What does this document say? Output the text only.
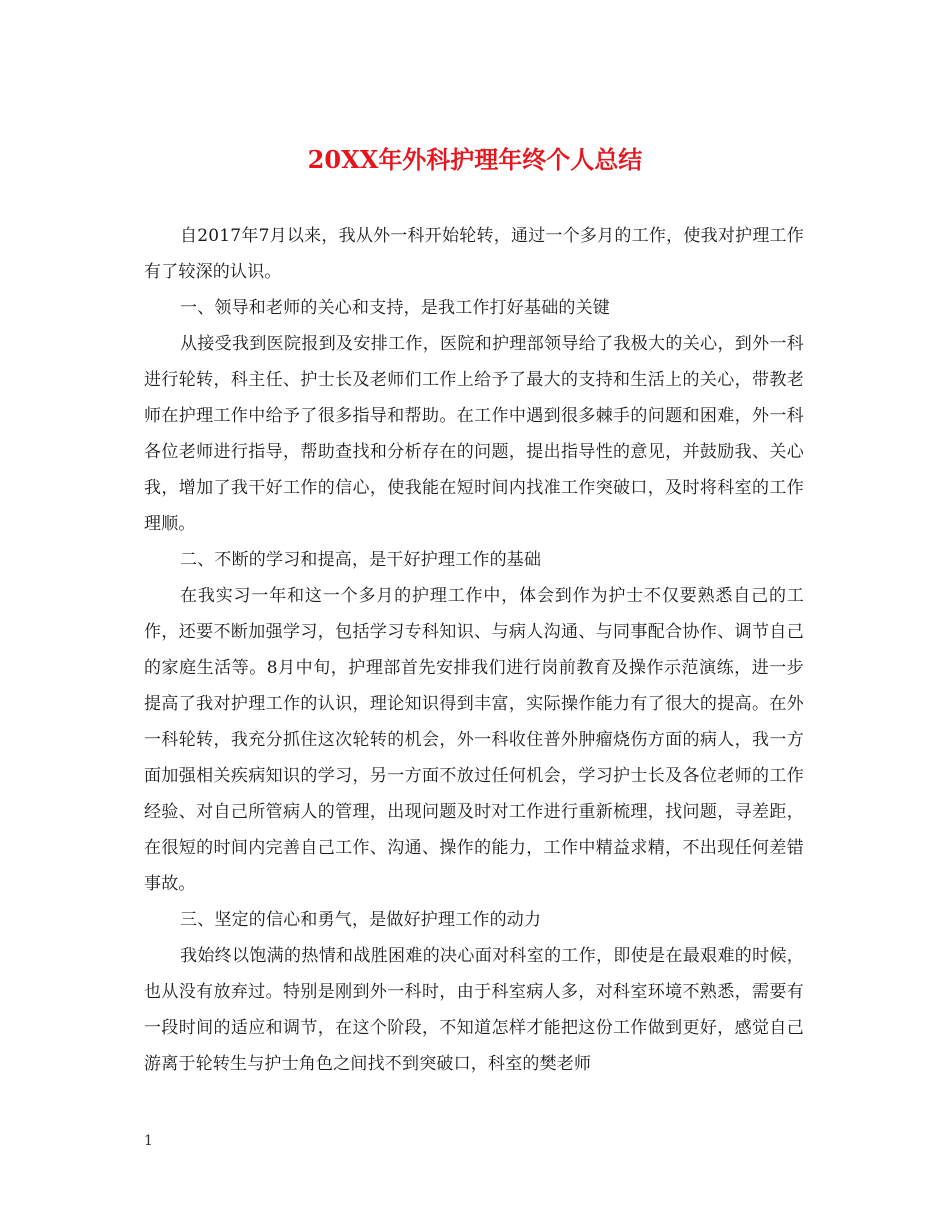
20XX年外科护理年终个人总结

自2017年7月以来，我从外一科开始轮转，通过一个多月的工作，使我对护理工作有了较深的认识。

一、领导和老师的关心和支持，是我工作打好基础的关键

从接受我到医院报到及安排工作，医院和护理部领导给了我极大的关心，到外一科进行轮转，科主任、护士长及老师们工作上给予了最大的支持和生活上的关心，带教老师在护理工作中给予了很多指导和帮助。在工作中遇到很多棘手的问题和困难，外一科各位老师进行指导，帮助查找和分析存在的问题，提出指导性的意见，并鼓励我、关心我，增加了我干好工作的信心，使我能在短时间内找准工作突破口，及时将科室的工作理顺。

二、不断的学习和提高，是干好护理工作的基础

在我实习一年和这一个多月的护理工作中，体会到作为护士不仅要熟悉自己的工作，还要不断加强学习，包括学习专科知识、与病人沟通、与同事配合协作、调节自己的家庭生活等。8月中旬，护理部首先安排我们进行岗前教育及操作示范演练，进一步提高了我对护理工作的认识，理论知识得到丰富，实际操作能力有了很大的提高。在外一科轮转，我充分抓住这次轮转的机会，外一科收住普外肿瘤烧伤方面的病人，我一方面加强相关疾病知识的学习，另一方面不放过任何机会，学习护士长及各位老师的工作经验、对自己所管病人的管理，出现问题及时对工作进行重新梳理，找问题，寻差距，在很短的时间内完善自己工作、沟通、操作的能力，工作中精益求精，不出现任何差错事故。

三、坚定的信心和勇气，是做好护理工作的动力

我始终以饱满的热情和战胜困难的决心面对科室的工作，即使是在最艰难的时候，也从没有放弃过。特别是刚到外一科时，由于科室病人多，对科室环境不熟悉，需要有一段时间的适应和调节，在这个阶段，不知道怎样才能把这份工作做到更好，感觉自己游离于轮转生与护士角色之间找不到突破口，科室的樊老师

1
